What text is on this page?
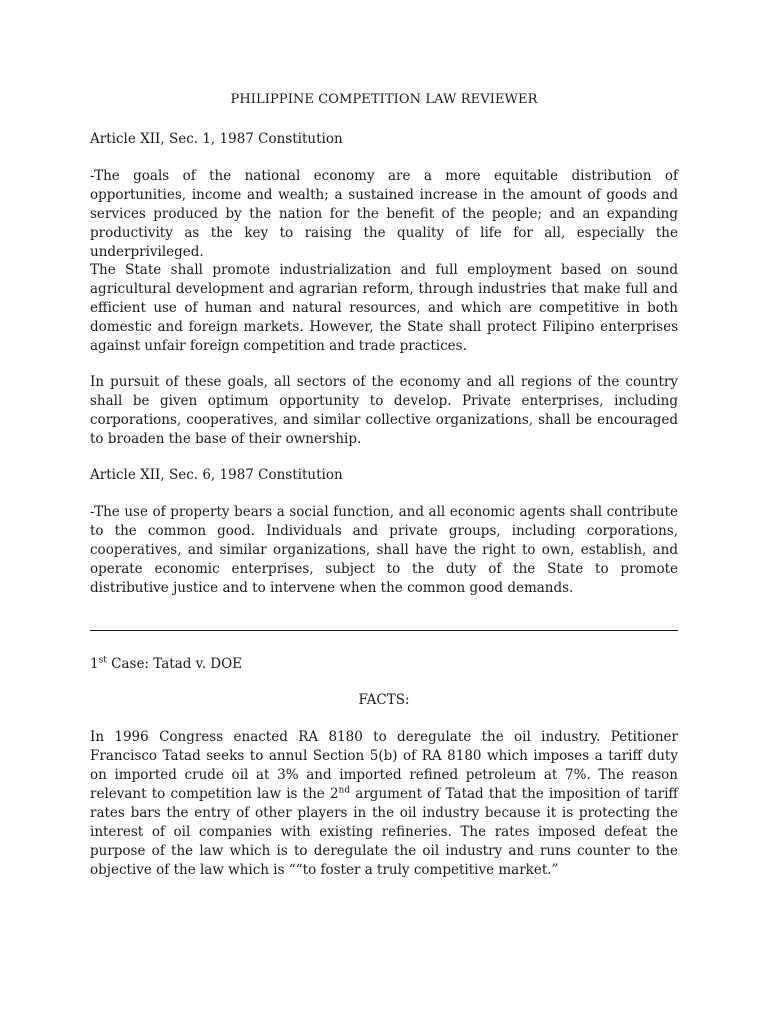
PHILIPPINE COMPETITION LAW REVIEWER
Article XII, Sec. 1, 1987 Constitution
-The goals of the national economy are a more equitable distribution of opportunities, income and wealth; a sustained increase in the amount of goods and services produced by the nation for the benefit of the people; and an expanding productivity as the key to raising the quality of life for all, especially the underprivileged.
The State shall promote industrialization and full employment based on sound agricultural development and agrarian reform, through industries that make full and efficient use of human and natural resources, and which are competitive in both domestic and foreign markets. However, the State shall protect Filipino enterprises against unfair foreign competition and trade practices.
In pursuit of these goals, all sectors of the economy and all regions of the country shall be given optimum opportunity to develop. Private enterprises, including corporations, cooperatives, and similar collective organizations, shall be encouraged to broaden the base of their ownership.
Article XII, Sec. 6, 1987 Constitution
-The use of property bears a social function, and all economic agents shall contribute to the common good. Individuals and private groups, including corporations, cooperatives, and similar organizations, shall have the right to own, establish, and operate economic enterprises, subject to the duty of the State to promote distributive justice and to intervene when the common good demands.
1st Case: Tatad v. DOE
FACTS:
In 1996 Congress enacted RA 8180 to deregulate the oil industry. Petitioner Francisco Tatad seeks to annul Section 5(b) of RA 8180 which imposes a tariff duty on imported crude oil at 3% and imported refined petroleum at 7%. The reason relevant to competition law is the 2nd argument of Tatad that the imposition of tariff rates bars the entry of other players in the oil industry because it is protecting the interest of oil companies with existing refineries. The rates imposed defeat the purpose of the law which is to deregulate the oil industry and runs counter to the objective of the law which is ““to foster a truly competitive market.”
